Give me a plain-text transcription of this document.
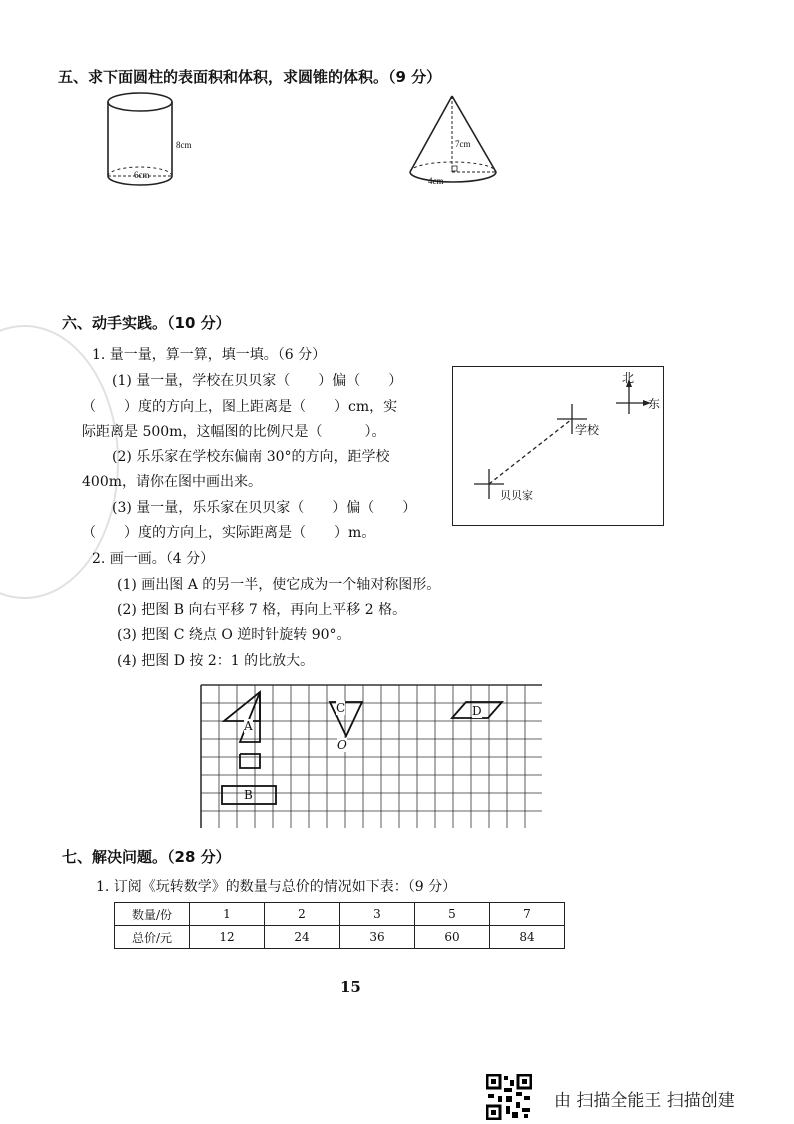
五、求下面圆柱的表面积和体积，求圆锥的体积。（9 分）
8cm
6cm
7cm
4cm
六、动手实践。（10 分）
1. 量一量，算一算，填一填。（6 分）
(1) 量一量，学校在贝贝家（　　）偏（　　）
（　　）度的方向上，图上距离是（　　）cm，实
际距离是 500m，这幅图的比例尺是（　　　）。
(2) 乐乐家在学校东偏南 30°的方向，距学校
400m，请你在图中画出来。
(3) 量一量，乐乐家在贝贝家（　　）偏（　　）
（　　）度的方向上，实际距离是（　　）m。
北
东
学校
贝贝家
2. 画一画。（4 分）
(1) 画出图 A 的另一半，使它成为一个轴对称图形。
(2) 把图 B 向右平移 7 格，再向上平移 2 格。
(3) 把图 C 绕点 O 逆时针旋转 90°。
(4) 把图 D 按 2：1 的比放大。
A
B
C
O
D
七、解决问题。（28 分）
1. 订阅《玩转数学》的数量与总价的情况如下表：（9 分）
数量/份	1	2	3	5	7
总价/元	12	24	36	60	84
15
由 扫描全能王 扫描创建
